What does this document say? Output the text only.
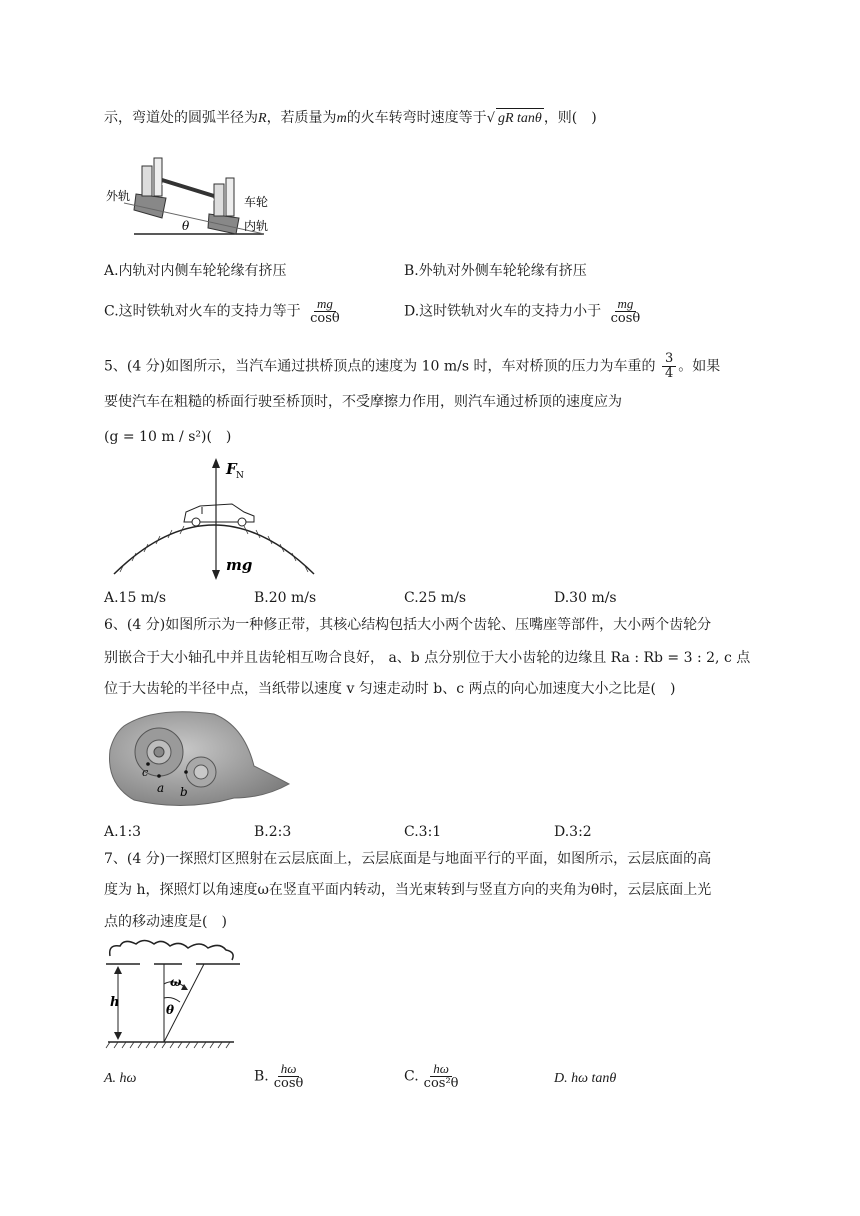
示，弯道处的圆弧半径为R，若质量为m的火车转弯时速度等于√ gR tanθ ，则(　)
外轨	车轮
内轨
θ
A.内轨对内侧车轮轮缘有挤压	B.外轨对外侧车轮轮缘有挤压
C.这时铁轨对火车的支持力等于 $\frac{mg}{\cos\theta}$	D.这时铁轨对火车的支持力小于 $\frac{mg}{\cos\theta}$
5、(4 分)如图所示，当汽车通过拱桥顶点的速度为 10 m/s 时，车对桥顶的压力为车重的 $\frac{3}{4}$ 。如果
要使汽车在粗糙的桥面行驶至桥顶时，不受摩擦力作用，则汽车通过桥顶的速度应为
(g = 10 m / s²)(　)
F N
mg
A.15 m/s	B.20 m/s	C.25 m/s	D.30 m/s
6、(4 分)如图所示为一种修正带，其核心结构包括大小两个齿轮、压嘴座等部件，大小两个齿轮分
别嵌合于大小轴孔中并且齿轮相互吻合良好， a、b 点分别位于大小齿轮的边缘且 Ra : Rb = 3 : 2, c 点
位于大齿轮的半径中点，当纸带以速度 v 匀速走动时 b、c 两点的向心加速度大小之比是(　)
c
a b
A.1:3	B.2:3	C.3:1	D.3:2
7、(4 分)一探照灯区照射在云层底面上，云层底面是与地面平行的平面，如图所示，云层底面的高
度为 h，探照灯以角速度ω在竖直平面内转动，当光束转到与竖直方向的夹角为θ时，云层底面上光
点的移动速度是(　)
h
ω
θ
A. hω	B. $\frac{h\omega}{\cos\theta}$	C. $\frac{h\omega}{\text{cos²θ}}$	D. hω tanθ
